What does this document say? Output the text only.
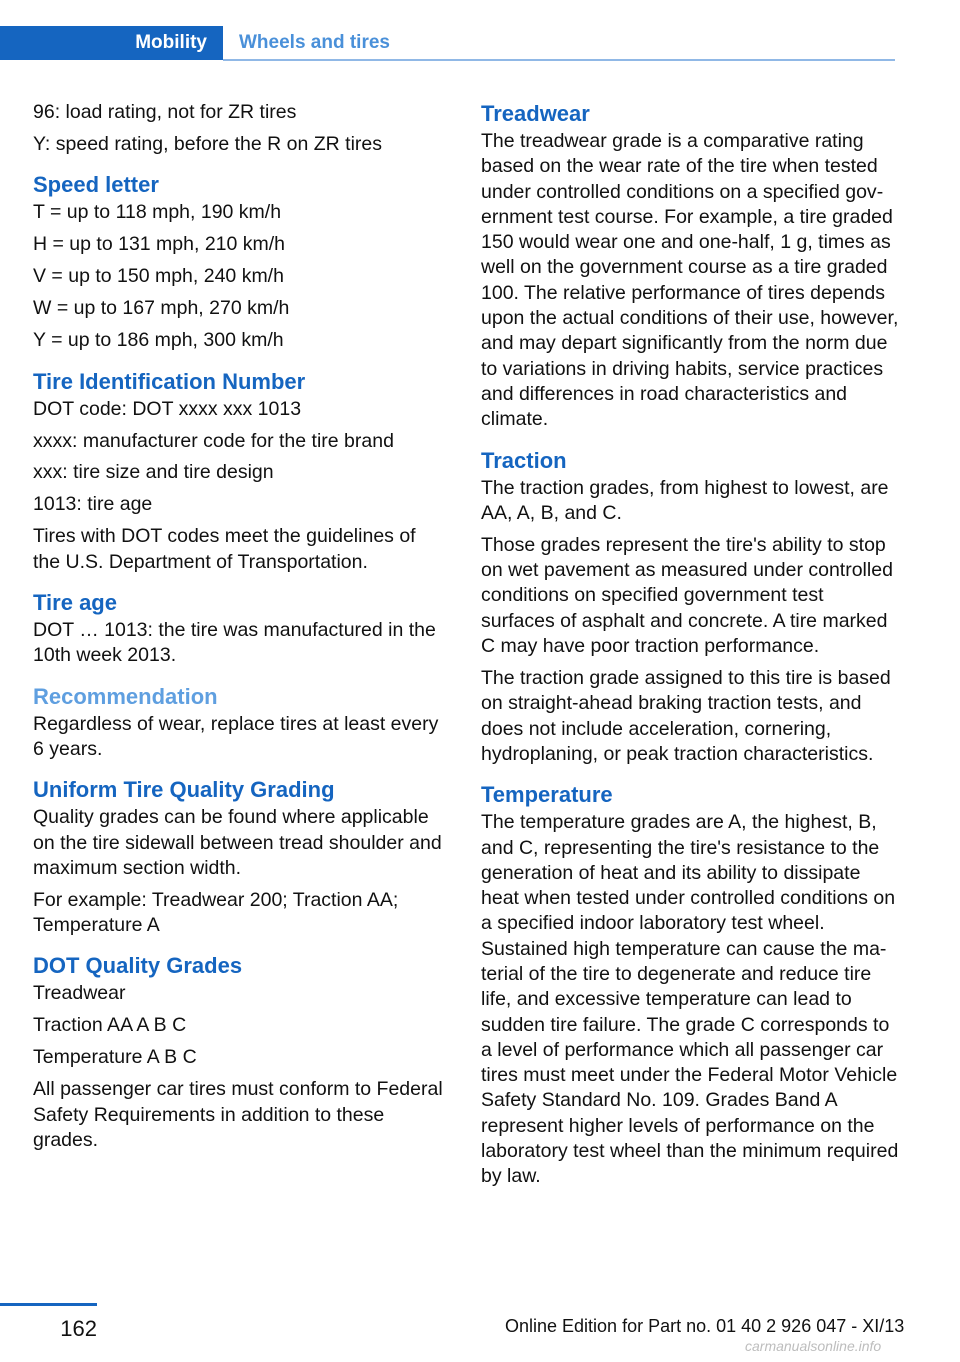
Mobility	Wheels and tires

96: load rating, not for ZR tires

Y: speed rating, before the R on ZR tires

Speed letter

T = up to 118 mph, 190 km/h

H = up to 131 mph, 210 km/h

V = up to 150 mph, 240 km/h

W = up to 167 mph, 270 km/h

Y = up to 186 mph, 300 km/h

Tire Identification Number

DOT code: DOT xxxx xxx 1013

xxxx: manufacturer code for the tire brand

xxx: tire size and tire design

1013: tire age

Tires with DOT codes meet the guidelines of the U.S. Department of Transportation.

Tire age

DOT … 1013: the tire was manufactured in the 10th week 2013.

Recommendation

Regardless of wear, replace tires at least every 6 years.

Uniform Tire Quality Grading

Quality grades can be found where applicable on the tire sidewall between tread shoulder and maximum section width.

For example: Treadwear 200; Traction AA; Temperature A

DOT Quality Grades

Treadwear

Traction AA A B C

Temperature A B C

All passenger car tires must conform to Federal Safety Requirements in addition to these grades.

Treadwear

The treadwear grade is a comparative rating based on the wear rate of the tire when tested under controlled conditions on a specified government test course. For example, a tire graded 150 would wear one and one-half, 1 g, times as well on the government course as a tire graded 100. The relative performance of tires depends upon the actual conditions of their use, however, and may depart significantly from the norm due to variations in driving habits, service practices and differences in road characteristics and climate.

Traction

The traction grades, from highest to lowest, are AA, A, B, and C.

Those grades represent the tire's ability to stop on wet pavement as measured under controlled conditions on specified government test surfaces of asphalt and concrete. A tire marked C may have poor traction performance.

The traction grade assigned to this tire is based on straight-ahead braking traction tests, and does not include acceleration, cornering, hydroplaning, or peak traction characteristics.

Temperature

The temperature grades are A, the highest, B, and C, representing the tire's resistance to the generation of heat and its ability to dissipate heat when tested under controlled conditions on a specified indoor laboratory test wheel. Sustained high temperature can cause the material of the tire to degenerate and reduce tire life, and excessive temperature can lead to sudden tire failure. The grade C corresponds to a level of performance which all passenger car tires must meet under the Federal Motor Vehicle Safety Standard No. 109. Grades Band A represent higher levels of performance on the laboratory test wheel than the minimum required by law.

162	Online Edition for Part no. 01 40 2 926 047 - XI/13
carmanualsonline.info
